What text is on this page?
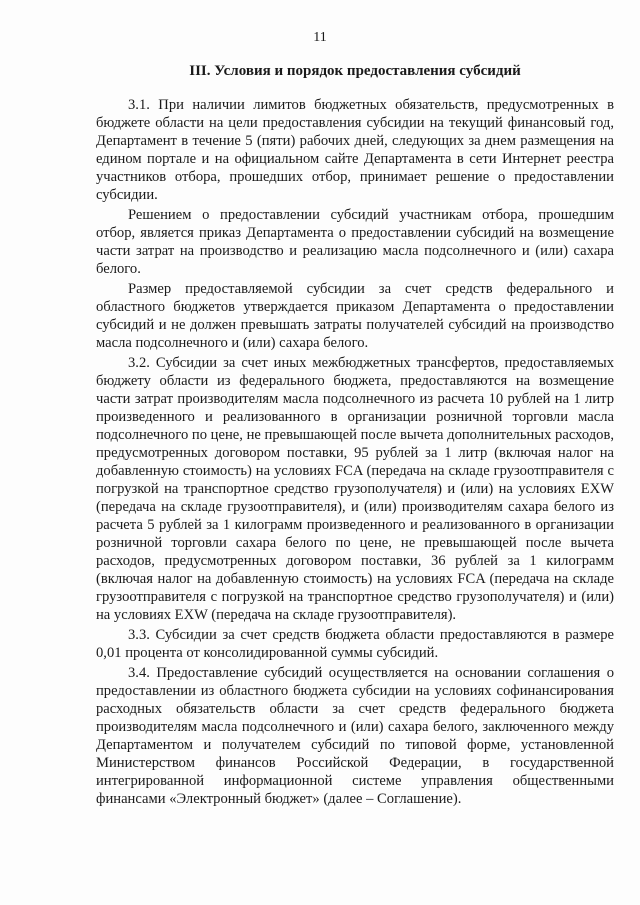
11
III. Условия и порядок предоставления субсидий

3.1. При наличии лимитов бюджетных обязательств, предусмотренных в бюджете области на цели предоставления субсидии на текущий финансовый год, Департамент в течение 5 (пяти) рабочих дней, следующих за днем размещения на едином портале и на официальном сайте Департамента в сети Интернет реестра участников отбора, прошедших отбор, принимает решение о предоставлении субсидии.

Решением о предоставлении субсидий участникам отбора, прошедшим отбор, является приказ Департамента о предоставлении субсидий на возмещение части затрат на производство и реализацию масла подсолнечного и (или) сахара белого.

Размер предоставляемой субсидии за счет средств федерального и областного бюджетов утверждается приказом Департамента о предоставлении субсидий и не должен превышать затраты получателей субсидий на производство масла подсолнечного и (или) сахара белого.

3.2. Субсидии за счет иных межбюджетных трансфертов, предоставляемых бюджету области из федерального бюджета, предоставляются на возмещение части затрат производителям масла подсолнечного из расчета 10 рублей на 1 литр произведенного и реализованного в организации розничной торговли масла подсолнечного по цене, не превышающей после вычета дополнительных расходов, предусмотренных договором поставки, 95 рублей за 1 литр (включая налог на добавленную стоимость) на условиях FCA (передача на складе грузоотправителя с погрузкой на транспортное средство грузополучателя) и (или) на условиях EXW (передача на складе грузоотправителя), и (или) производителям сахара белого из расчета 5 рублей за 1 килограмм произведенного и реализованного в организации розничной торговли сахара белого по цене, не превышающей после вычета расходов, предусмотренных договором поставки, 36 рублей за 1 килограмм (включая налог на добавленную стоимость) на условиях FCA (передача на складе грузоотправителя с погрузкой на транспортное средство грузополучателя) и (или) на условиях EXW (передача на складе грузоотправителя).

3.3. Субсидии за счет средств бюджета области предоставляются в размере 0,01 процента от консолидированной суммы субсидий.

3.4. Предоставление субсидий осуществляется на основании соглашения о предоставлении из областного бюджета субсидии на условиях софинансирования расходных обязательств области за счет средств федерального бюджета производителям масла подсолнечного и (или) сахара белого, заключенного между Департаментом и получателем субсидий по типовой форме, установленной Министерством финансов Российской Федерации, в государственной интегрированной информационной системе управления общественными финансами «Электронный бюджет» (далее – Соглашение).
